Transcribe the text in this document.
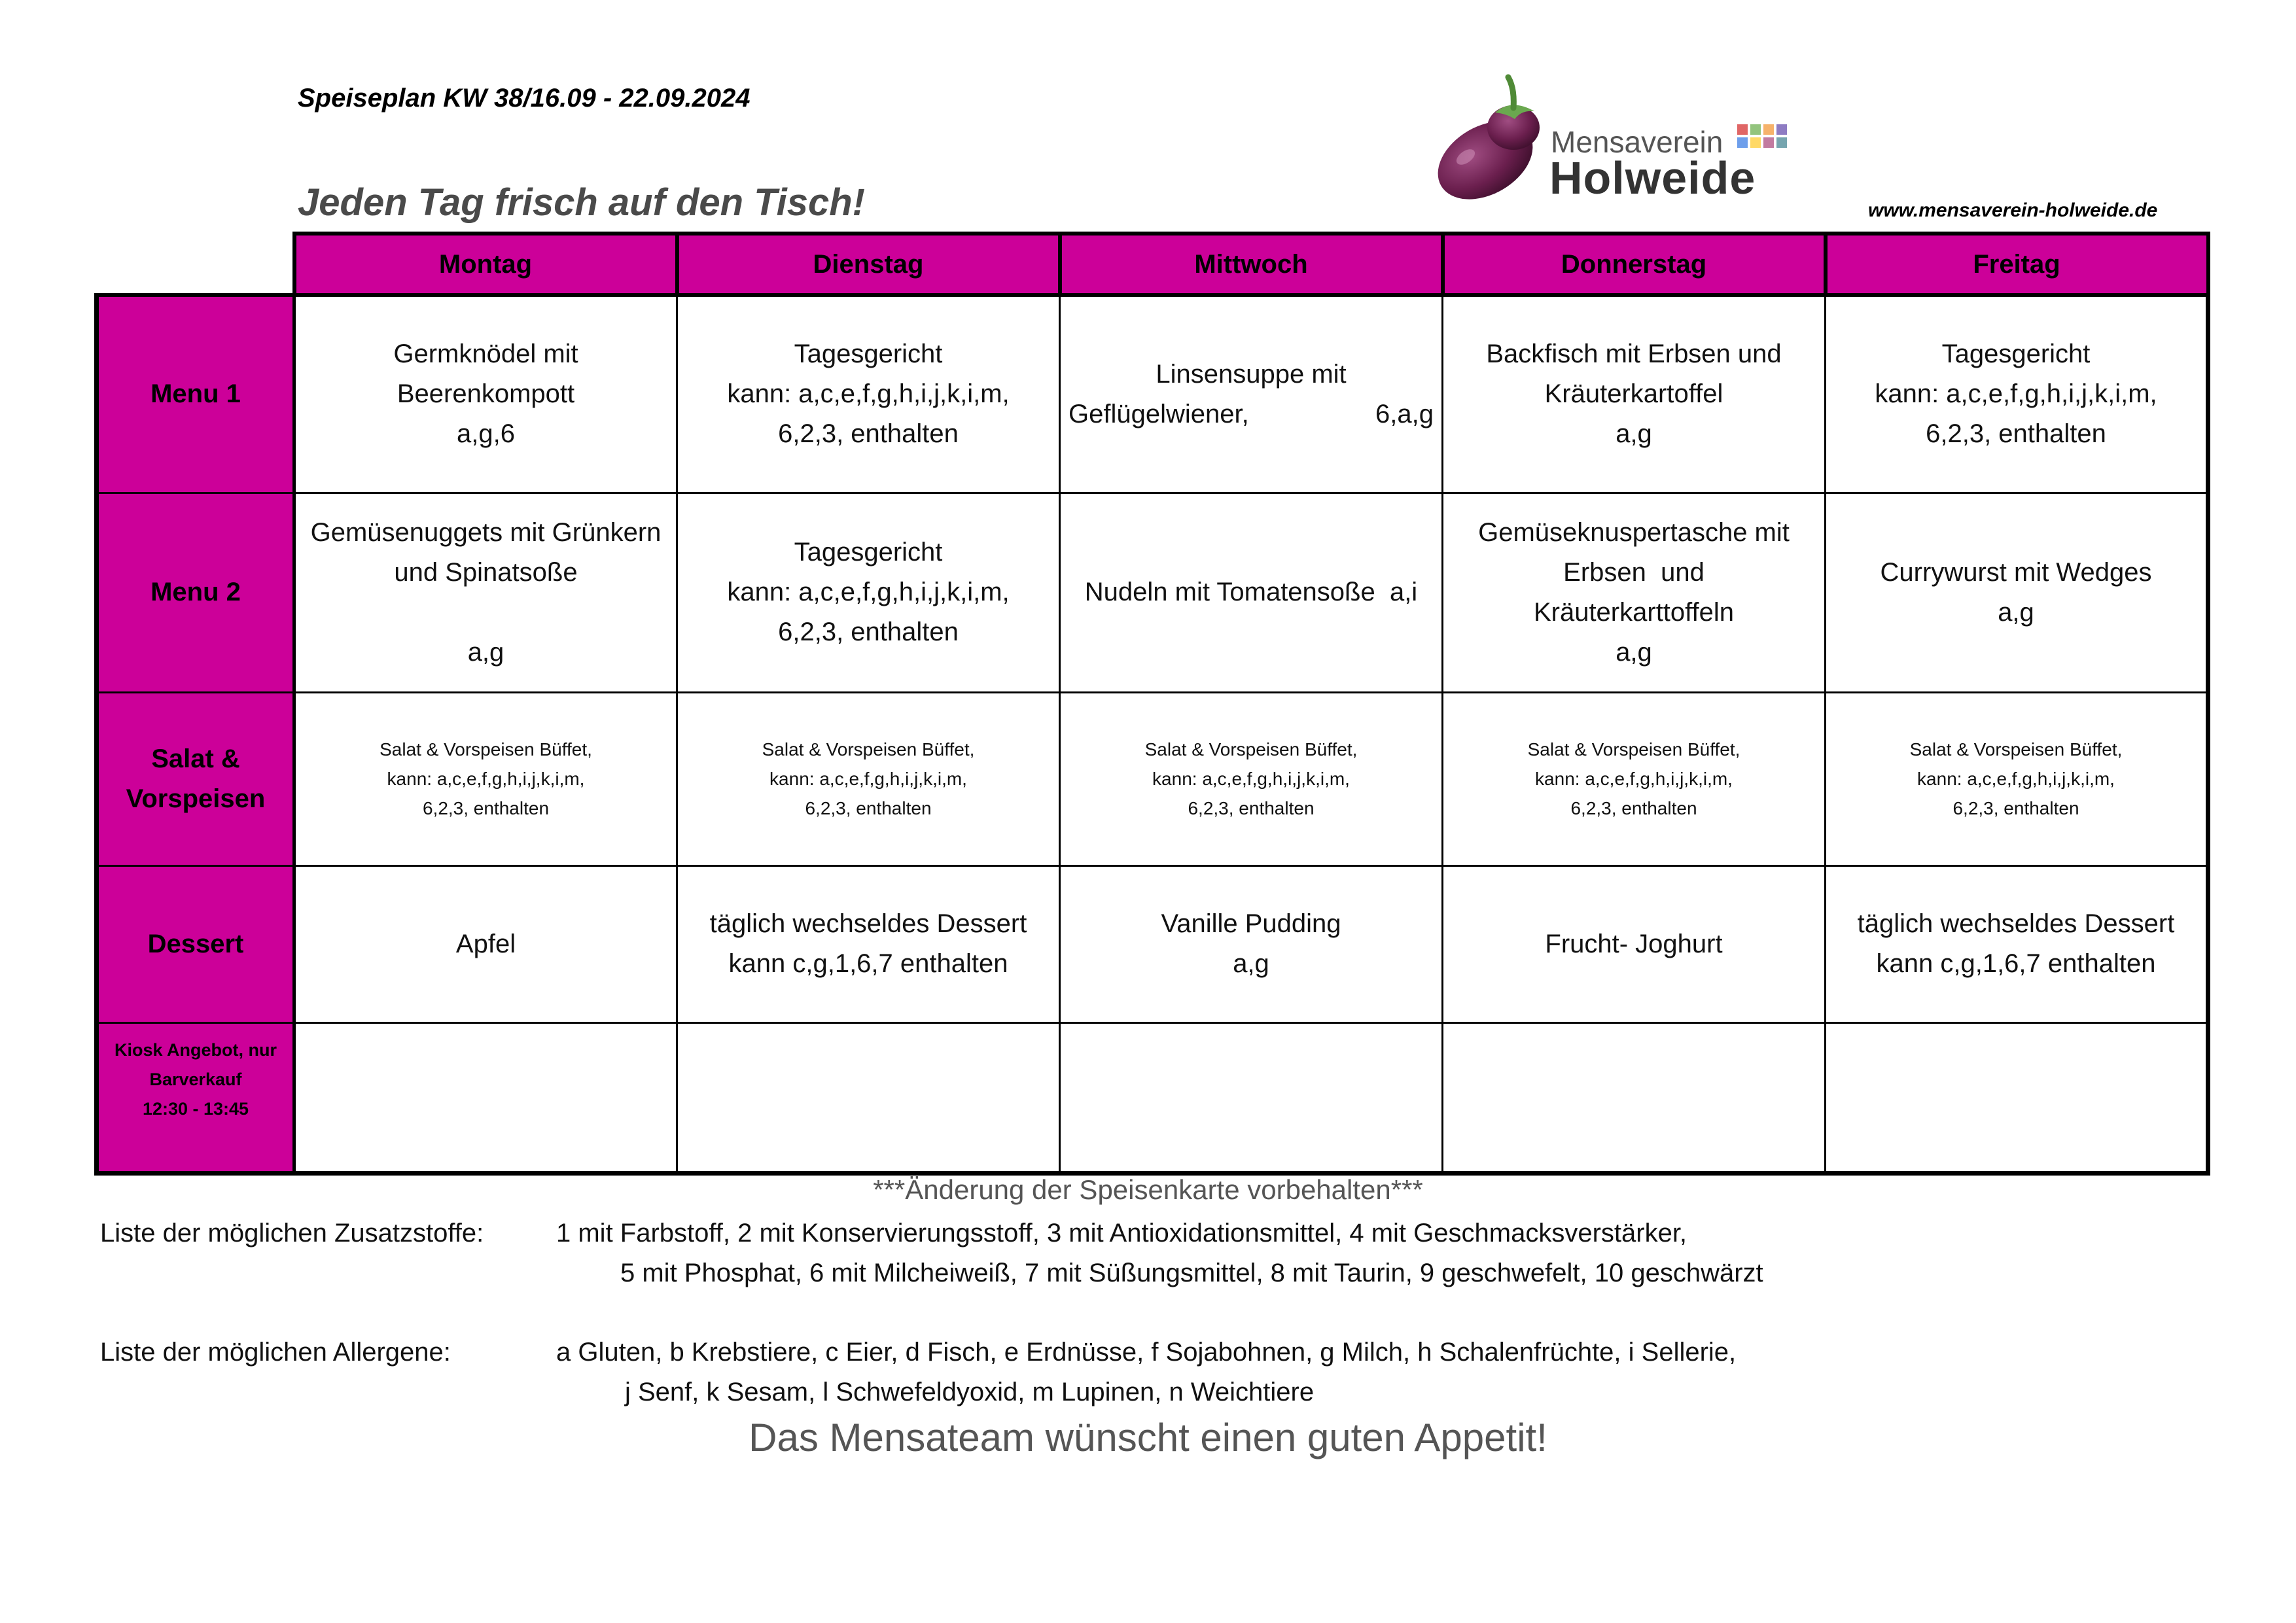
Speiseplan KW 38/16.09 - 22.09.2024
Mensaverein
Holweide
Jeden Tag frisch auf den Tisch!	www.mensaverein-holweide.de
	Montag	Dienstag	Mittwoch	Donnerstag	Freitag
Menu 1	Germknödel mit
Beerenkompott
a,g,6	Tagesgericht
kann: a,c,e,f,g,h,i,j,k,i,m,
6,2,3, enthalten	Linsensuppe mit
Geflügelwiener, 6,a,g	Backfisch mit Erbsen und
Kräuterkartoffel
a,g	Tagesgericht
kann: a,c,e,f,g,h,i,j,k,i,m,
6,2,3, enthalten

Menu 2	Gemüsenuggets mit Grünkern
und Spinatsoße
a,g	Tagesgericht
kann: a,c,e,f,g,h,i,j,k,i,m,
6,2,3, enthalten	Nudeln mit Tomatensoße  a,i	Gemüseknuspertasche mit
Erbsen  und
Kräuterkarttoffeln
a,g	Currywurst mit Wedges
a,g

Salat &
Vorspeisen	Salat & Vorspeisen Büffet,
kann: a,c,e,f,g,h,i,j,k,i,m,
6,2,3, enthalten	Salat & Vorspeisen Büffet,
kann: a,c,e,f,g,h,i,j,k,i,m,
6,2,3, enthalten	Salat & Vorspeisen Büffet,
kann: a,c,e,f,g,h,i,j,k,i,m,
6,2,3, enthalten	Salat & Vorspeisen Büffet,
kann: a,c,e,f,g,h,i,j,k,i,m,
6,2,3, enthalten	Salat & Vorspeisen Büffet,
kann: a,c,e,f,g,h,i,j,k,i,m,
6,2,3, enthalten

Dessert	Apfel	täglich wechseldes Dessert
kann c,g,1,6,7 enthalten	Vanille Pudding
a,g	Frucht- Joghurt	täglich wechseldes Dessert
kann c,g,1,6,7 enthalten

Kiosk Angebot, nur
Barverkauf
12:30 - 13:45					

***Änderung der Speisenkarte vorbehalten***
Liste der möglichen Zusatzstoffe:	1 mit Farbstoff, 2 mit Konservierungsstoff, 3 mit Antioxidationsmittel, 4 mit Geschmacksverstärker,
5 mit Phosphat, 6 mit Milcheiweiß, 7 mit Süßungsmittel, 8 mit Taurin, 9 geschwefelt, 10 geschwärzt
Liste der möglichen Allergene:	a Gluten, b Krebstiere, c Eier, d Fisch, e Erdnüsse, f Sojabohnen, g Milch, h Schalenfrüchte, i Sellerie,
j Senf, k Sesam, l Schwefeldyoxid, m Lupinen, n Weichtiere
Das Mensateam wünscht einen guten Appetit!
